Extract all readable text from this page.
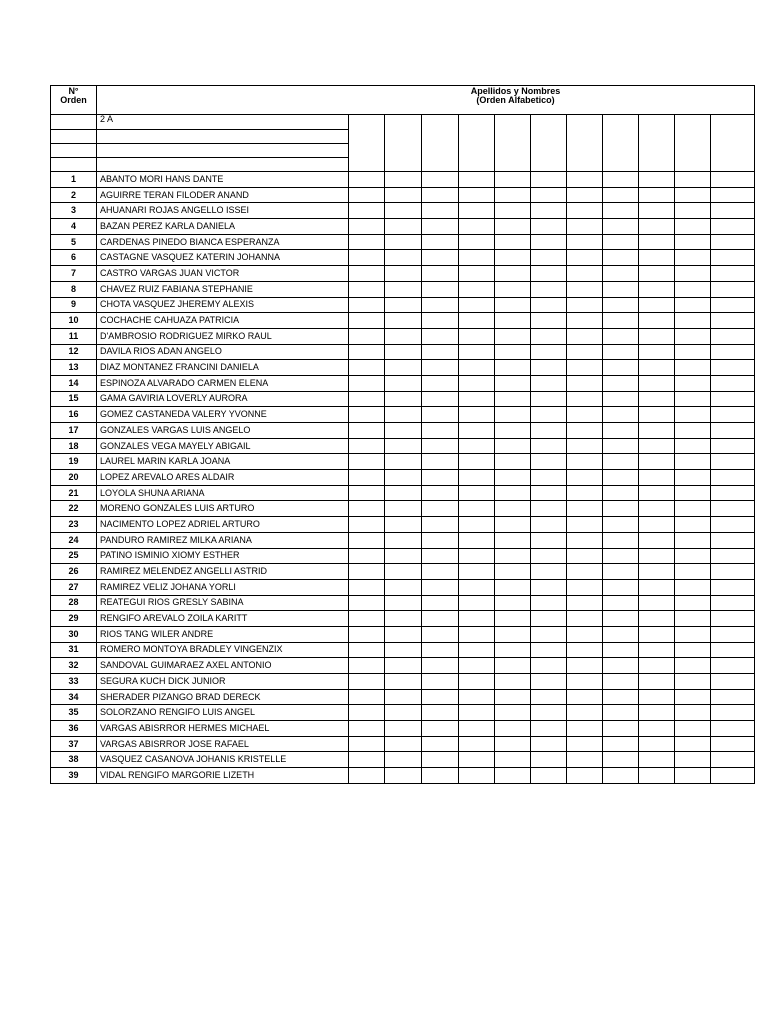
N°
Orden	Apellidos y Nombres
(Orden Alfabetico)											

	2 A											

1	ABANTO MORI HANS DANTE											
2	AGUIRRE TERAN FILODER ANAND											
3	AHUANARI ROJAS ANGELLO ISSEI											
4	BAZAN PEREZ KARLA DANIELA											
5	CARDENAS PINEDO BIANCA ESPERANZA											
6	CASTAGNE VASQUEZ KATERIN JOHANNA											
7	CASTRO VARGAS JUAN VICTOR											
8	CHAVEZ RUIZ FABIANA STEPHANIE											
9	CHOTA VASQUEZ JHEREMY ALEXIS											
10	COCHACHE CAHUAZA PATRICIA											
11	D'AMBROSIO RODRIGUEZ MIRKO RAUL											
12	DAVILA RIOS ADAN ANGELO											
13	DIAZ MONTANEZ FRANCINI DANIELA											
14	ESPINOZA ALVARADO CARMEN ELENA											
15	GAMA GAVIRIA LOVERLY AURORA											
16	GOMEZ CASTANEDA VALERY YVONNE											
17	GONZALES VARGAS LUIS ANGELO											
18	GONZALES VEGA MAYELY ABIGAIL											
19	LAUREL MARIN KARLA JOANA											
20	LOPEZ AREVALO ARES ALDAIR											
21	LOYOLA SHUNA ARIANA											
22	MORENO GONZALES LUIS ARTURO											
23	NACIMENTO LOPEZ ADRIEL ARTURO											
24	PANDURO RAMIREZ MILKA ARIANA											
25	PATINO ISMINIO XIOMY ESTHER											
26	RAMIREZ MELENDEZ ANGELLI ASTRID											
27	RAMIREZ VELIZ JOHANA YORLI											
28	REATEGUI RIOS GRESLY SABINA											
29	RENGIFO AREVALO ZOILA KARITT											
30	RIOS TANG WILER ANDRE											
31	ROMERO MONTOYA BRADLEY VINGENZIX											
32	SANDOVAL GUIMARAEZ AXEL ANTONIO											
33	SEGURA KUCH DICK JUNIOR											
34	SHERADER PIZANGO BRAD DERECK											
35	SOLORZANO RENGIFO LUIS ANGEL											
36	VARGAS ABISRROR HERMES MICHAEL											
37	VARGAS ABISRROR JOSE RAFAEL											
38	VASQUEZ CASANOVA JOHANIS KRISTELLE											
39	VIDAL RENGIFO MARGORIE LIZETH											
